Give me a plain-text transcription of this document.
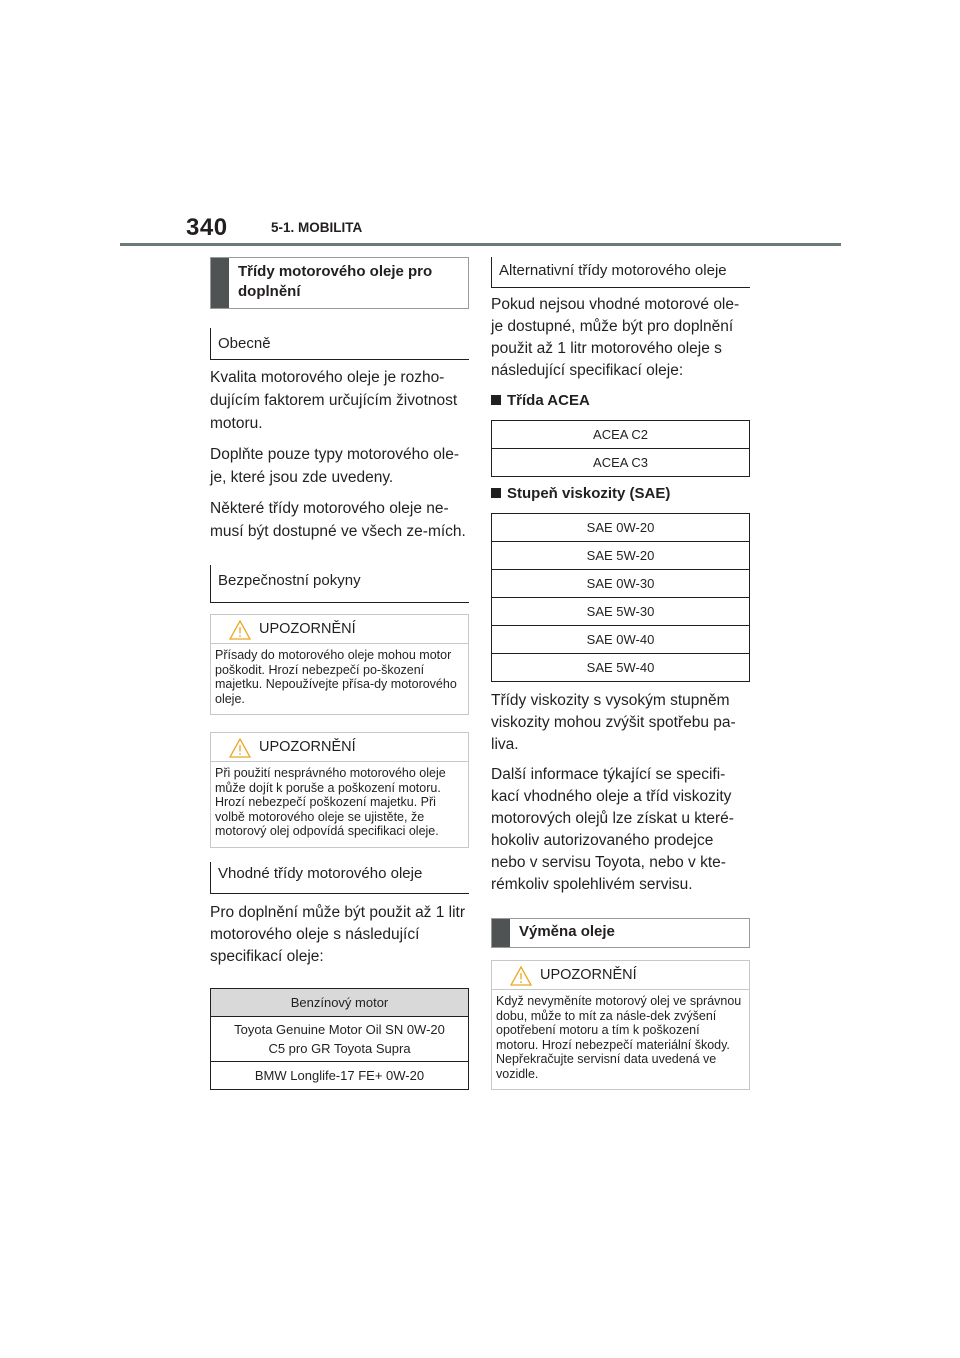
340	5-1. MOBILITA
Třídy motorového oleje pro doplnění
Obecně

Kvalita motorového oleje je rozho-dujícím faktorem určujícím životnost motoru.

Doplňte pouze typy motorového ole-je, které jsou zde uvedeny.

Některé třídy motorového oleje ne-musí být dostupné ve všech ze-mích.

Bezpečnostní pokyny
UPOZORNĚNÍ
Přísady do motorového oleje mohou motor poškodit. Hrozí nebezpečí po-škození majetku. Nepoužívejte přísa-dy motorového oleje.
UPOZORNĚNÍ
Při použití nesprávného motorového oleje může dojít k poruše a poškození motoru. Hrozí nebezpečí poškození majetku. Při volbě motorového oleje se ujistěte, že motorový olej odpovídá specifikaci oleje.
Vhodné třídy motorového oleje

Pro doplnění může být použit až 1 litr motorového oleje s následující specifikací oleje:

Benzínový motor

Toyota Genuine Motor Oil SN 0W-20
C5 pro GR Toyota Supra

BMW Longlife-17 FE+ 0W-20
Alternativní třídy motorového oleje

Pokud nejsou vhodné motorové ole-je dostupné, může být pro doplnění použit až 1 litr motorového oleje s následující specifikací oleje:

Třída ACEA
ACEA C2
ACEA C3
Stupeň viskozity (SAE)
SAE 0W-20
SAE 5W-20
SAE 0W-30
SAE 5W-30
SAE 0W-40
SAE 5W-40

Třídy viskozity s vysokým stupněm viskozity mohou zvýšit spotřebu pa-liva.

Další informace týkající se specifi-kací vhodného oleje a tříd viskozity motorových olejů lze získat u které-hokoliv autorizovaného prodejce nebo v servisu Toyota, nebo v kte-rémkoliv spolehlivém servisu.

Výměna oleje
UPOZORNĚNÍ
Když nevyměníte motorový olej ve správnou dobu, může to mít za násle-dek zvýšení opotřebení motoru a tím k poškození motoru. Hrozí nebezpečí materiální škody. Nepřekračujte servisní data uvedená ve vozidle.
